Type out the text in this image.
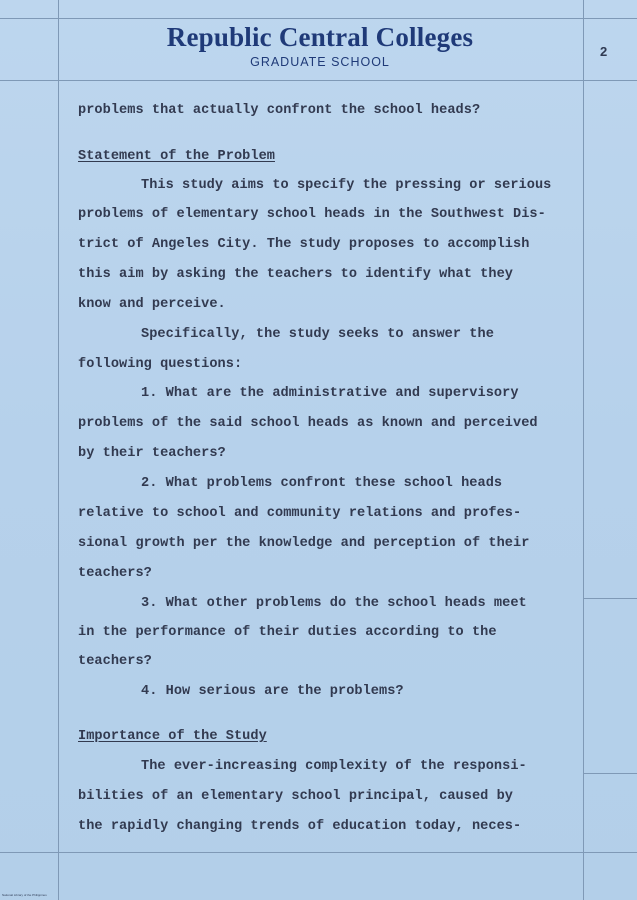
Republic Central Colleges
GRADUATE SCHOOL
2
problems that actually confront the school heads?
Statement of the Problem
This study aims to specify the pressing or serious
problems of elementary school heads in the Southwest Dis-
trict of Angeles City. The study proposes to accomplish
this aim by asking the teachers to identify what they
know and perceive.
Specifically, the study seeks to answer the
following questions:
1. What are the administrative and supervisory
problems of the said school heads as known and perceived
by their teachers?
2. What problems confront these school heads
relative to school and community relations and profes-
sional growth per the knowledge and perception of their
teachers?
3. What other problems do the school heads meet
in the performance of their duties according to the
teachers?
4. How serious are the problems?
Importance of the Study
The ever-increasing complexity of the responsi-
bilities of an elementary school principal, caused by
the rapidly changing trends of education today, neces-
National Library of the Philippines
